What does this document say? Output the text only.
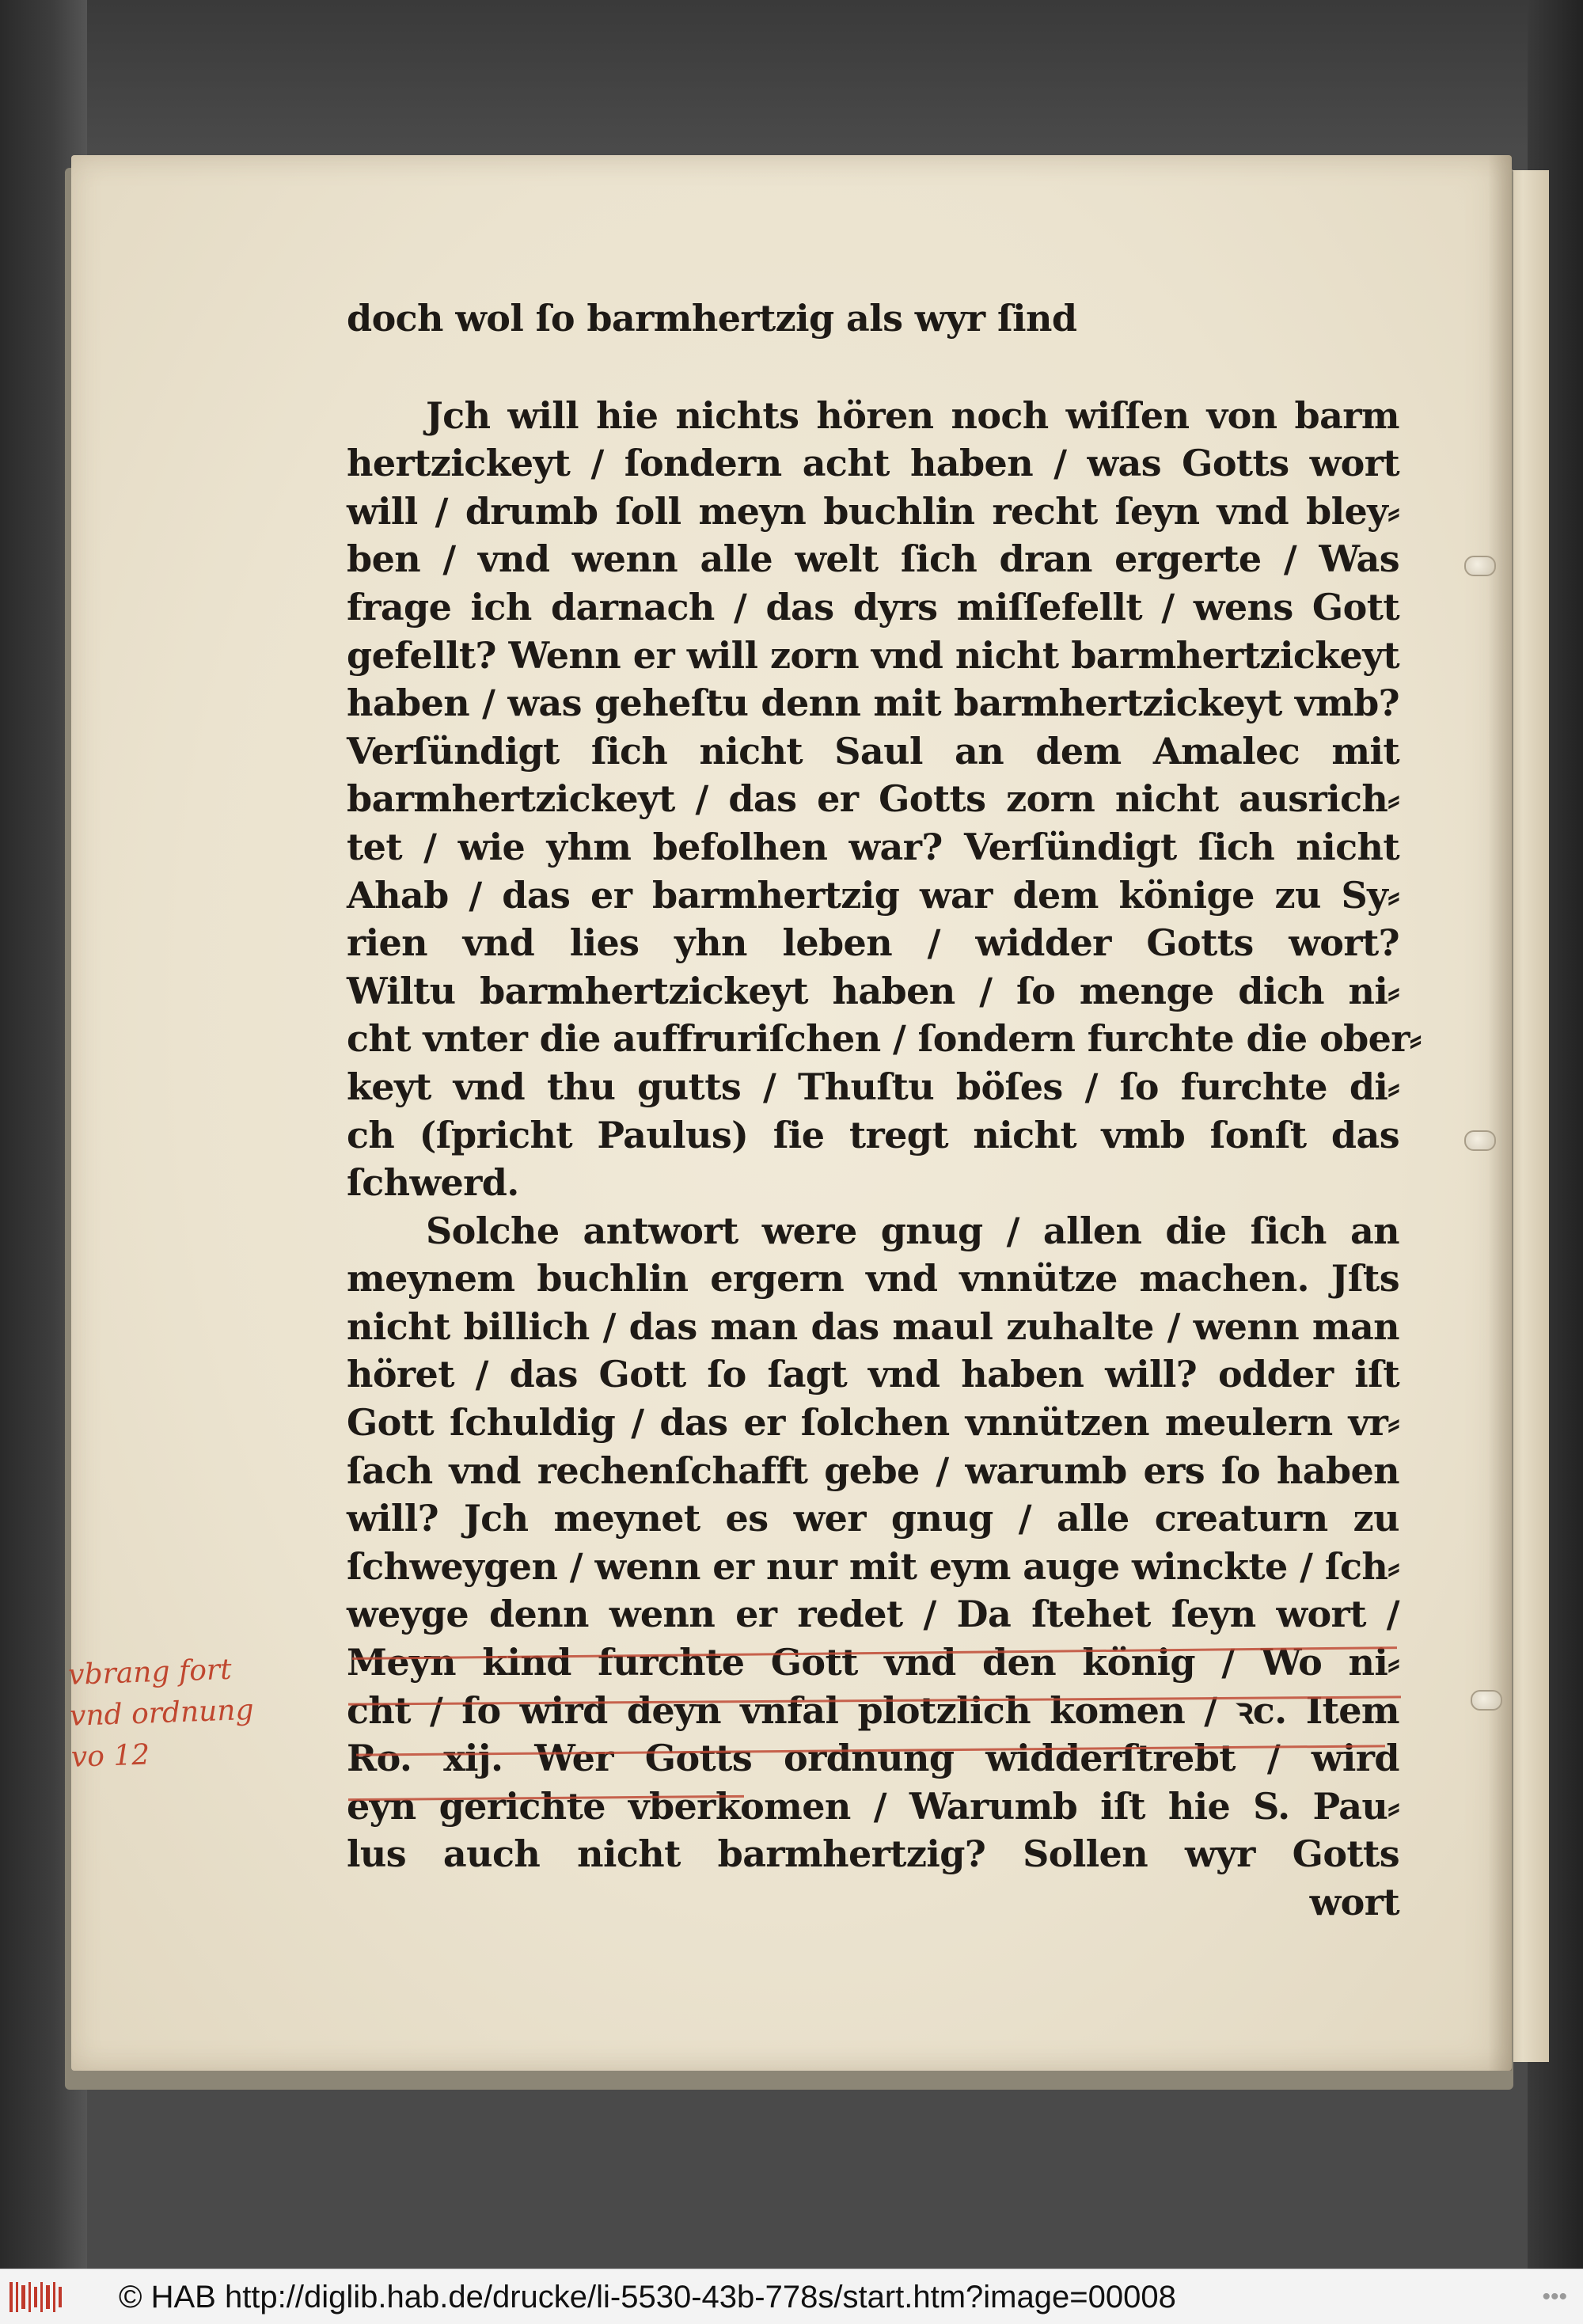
doch wol ſo barmhertzig als wyr ſind
Jch will hie nichts hören noch wiſſen von barm
hertzickeyt / ſondern acht haben / was Gotts wort
will / drumb ſoll meyn buchlin recht ſeyn vnd bley⸗
ben / vnd wenn alle welt ſich dran ergerte / Was
frage ich darnach / das dyrs miſſefellt / wens Gott
gefellt? Wenn er will zorn vnd nicht barmhertzickeyt
haben / was geheſtu denn mit barmhertzickeyt vmb?
Verſündigt ſich nicht Saul an dem Amalec mit
barmhertzickeyt / das er Gotts zorn nicht ausrich⸗
tet / wie yhm befolhen war? Verſündigt ſich nicht
Ahab / das er barmhertzig war dem könige zu Sy⸗
rien vnd lies yhn leben / widder Gotts wort?
Wiltu barmhertzickeyt haben / ſo menge dich ni⸗
cht vnter die auffruriſchen / ſondern furchte die ober⸗
keyt vnd thu gutts / Thuſtu böſes / ſo furchte di⸗
ch (ſpricht Paulus) ſie tregt nicht vmb ſonſt das
ſchwerd.
Solche antwort were gnug / allen die ſich an
meynem buchlin ergern vnd vnnütze machen. Jſts
nicht billich / das man das maul zuhalte / wenn man
höret / das Gott ſo ſagt vnd haben will? odder iſt
Gott ſchuldig / das er ſolchen vnnützen meulern vr⸗
ſach vnd rechenſchafft gebe / warumb ers ſo haben
will? Jch meynet es wer gnug / alle creaturn zu
ſchweygen / wenn er nur mit eym auge winckte / ſch⸗
weyge denn wenn er redet / Da ſtehet ſeyn wort /
Meyn kind furchte Gott vnd den könig / Wo ni⸗
cht / ſo wird deyn vnfal plotzlich komen / ꝛc. Item
Ro. xij. Wer Gotts ordnung widderſtrebt / wird
eyn gerichte vberkomen / Warumb iſt hie S. Pau⸗
lus auch nicht barmhertzig? Sollen wyr Gotts
wort
vbrang fort
vnd ordnung
vo 12
© HAB http://diglib.hab.de/drucke/li-5530-43b-778s/start.htm?image=00008	•••
